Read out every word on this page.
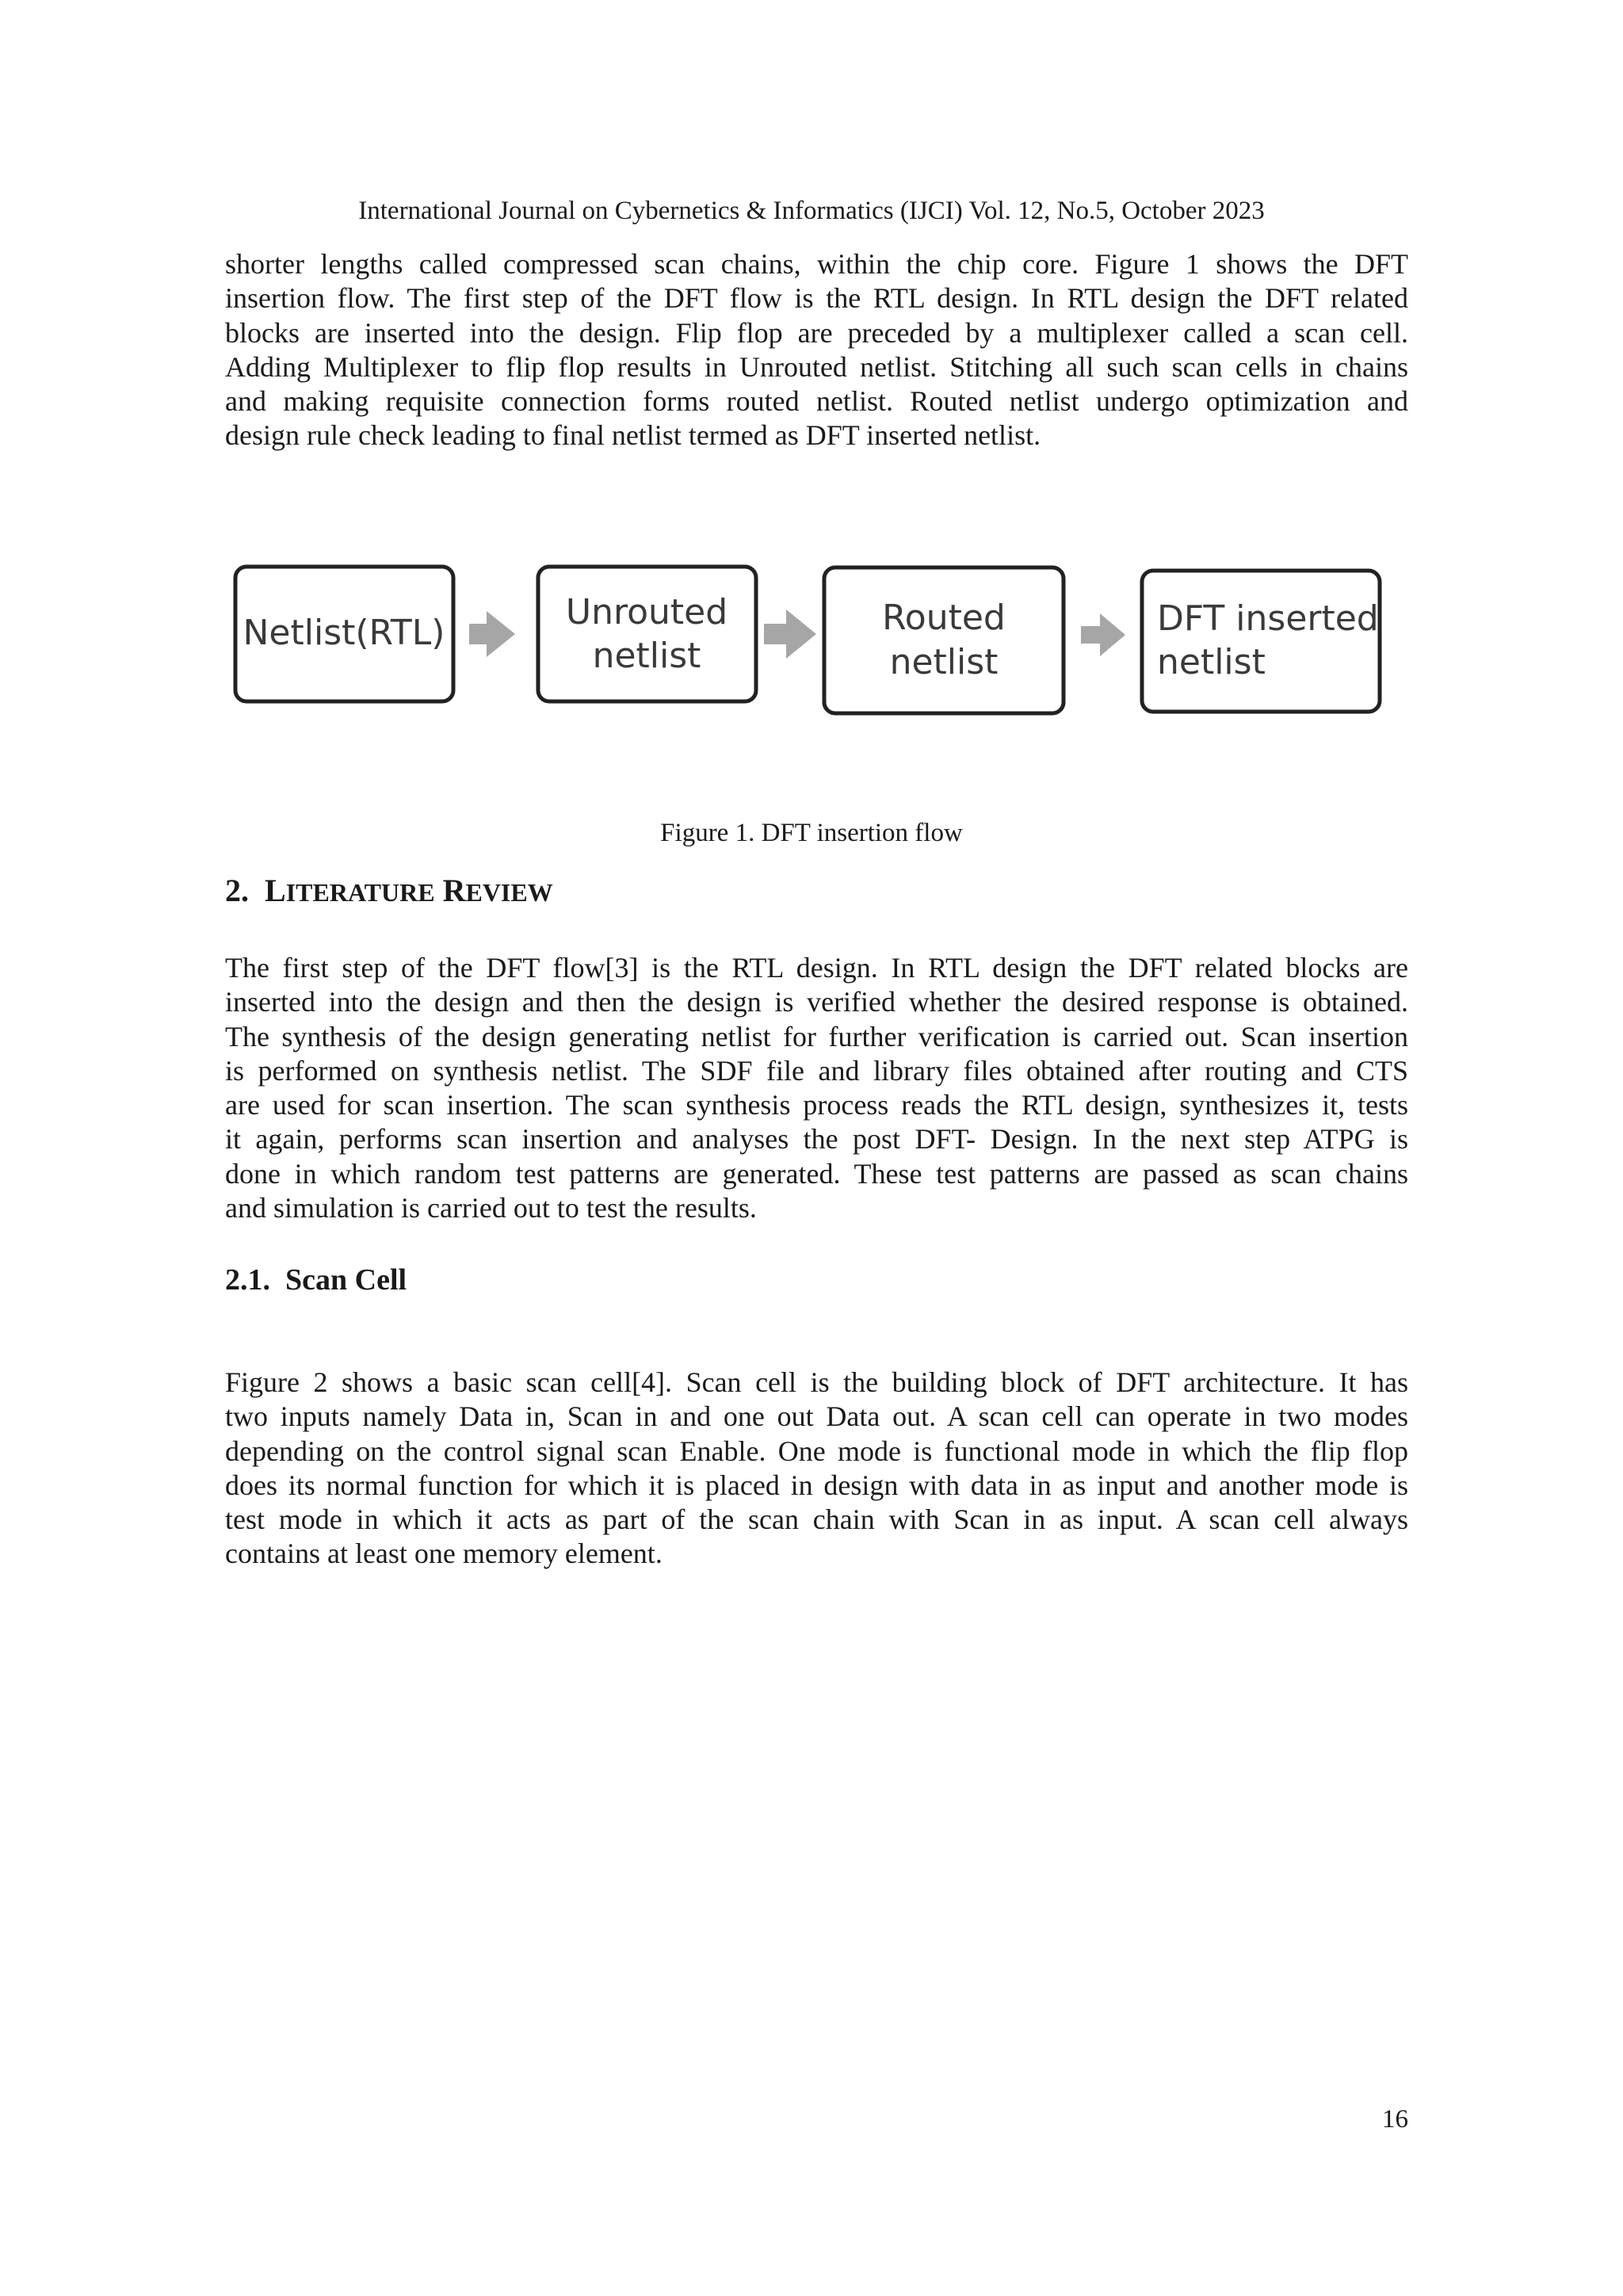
International Journal on Cybernetics & Informatics (IJCI) Vol. 12, No.5, October 2023

shorter lengths called compressed scan chains, within the chip core. Figure 1 shows the DFT
insertion flow. The first step of the DFT flow is the RTL design. In RTL design the DFT related
blocks are inserted into the design. Flip flop are preceded by a multiplexer called a scan cell.
Adding Multiplexer to flip flop results in Unrouted netlist. Stitching all such scan cells in chains
and making requisite connection forms routed netlist. Routed netlist undergo optimization and
design rule check leading to final netlist termed as DFT inserted netlist.

Netlist(RTL)
Unrouted
netlist
Routed
netlist
DFT inserted
netlist
Figure 1. DFT insertion flow
2. LITERATURE REVIEW

The first step of the DFT flow[3] is the RTL design. In RTL design the DFT related blocks are
inserted into the design and then the design is verified whether the desired response is obtained.
The synthesis of the design generating netlist for further verification is carried out. Scan insertion
is performed on synthesis netlist. The SDF file and library files obtained after routing and CTS
are used for scan insertion. The scan synthesis process reads the RTL design, synthesizes it, tests
it again, performs scan insertion and analyses the post DFT- Design. In the next step ATPG is
done in which random test patterns are generated. These test patterns are passed as scan chains
and simulation is carried out to test the results.

2.1.  Scan Cell

Figure 2 shows a basic scan cell[4]. Scan cell is the building block of DFT architecture. It has
two inputs namely Data in, Scan in and one out Data out. A scan cell can operate in two modes
depending on the control signal scan Enable. One mode is functional mode in which the flip flop
does its normal function for which it is placed in design with data in as input and another mode is
test mode in which it acts as part of the scan chain with Scan in as input. A scan cell always
contains at least one memory element.

16
